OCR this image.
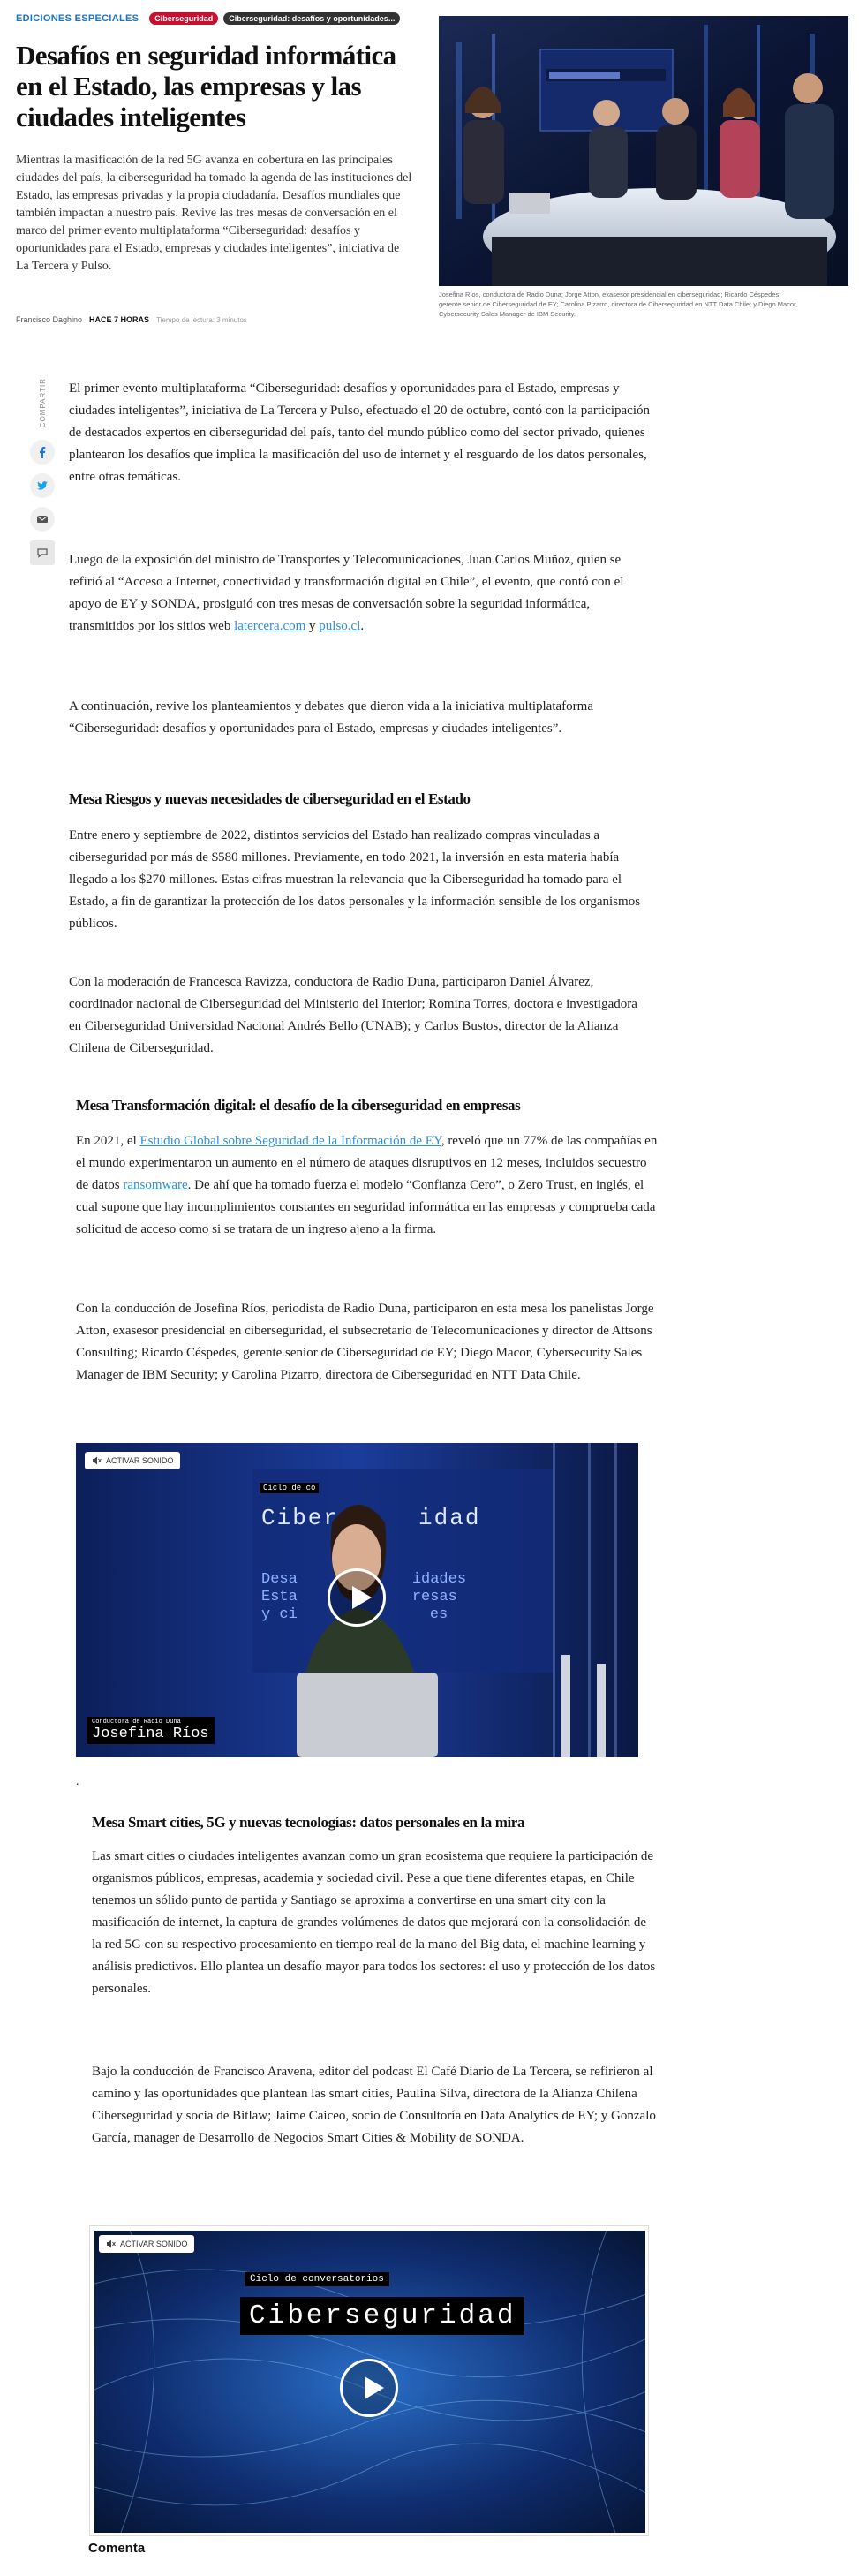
EDICIONES ESPECIALES	Ciberseguridad	Ciberseguridad: desafíos y oportunidades...
Desafíos en seguridad informática en el Estado, las empresas y las ciudades inteligentes

Mientras la masificación de la red 5G avanza en cobertura en las principales ciudades del país, la ciberseguridad ha tomado la agenda de las instituciones del Estado, las empresas privadas y la propia ciudadanía. Desafíos mundiales que también impactan a nuestro país. Revive las tres mesas de conversación en el marco del primer evento multiplataforma “Ciberseguridad: desafíos y oportunidades para el Estado, empresas y ciudades inteligentes”, iniciativa de La Tercera y Pulso.

Francisco Daghino HACE 7 HORAS Tiempo de lectura: 3 minutos

Josefina Ríos, conductora de Radio Duna; Jorge Atton, exasesor presidencial en ciberseguridad; Ricardo Céspedes, gerente senior de Ciberseguridad de EY; Carolina Pizarro, directora de Ciberseguridad en NTT Data Chile; y Diego Macor, Cybersecurity Sales Manager de IBM Security.

COMPARTIR El primer evento multiplataforma “Ciberseguridad: desafíos y oportunidades para el Estado, empresas y ciudades inteligentes”, iniciativa de La Tercera y Pulso, efectuado el 20 de octubre, contó con la participación de destacados expertos en ciberseguridad del país, tanto del mundo público como del sector privado, quienes plantearon los desafíos que implica la masificación del uso de internet y el resguardo de los datos personales, entre otras temáticas.

Luego de la exposición del ministro de Transportes y Telecomunicaciones, Juan Carlos Muñoz, quien se refirió al “Acceso a Internet, conectividad y transformación digital en Chile”, el evento, que contó con el apoyo de EY y SONDA, prosiguió con tres mesas de conversación sobre la seguridad informática, transmitidos por los sitios web latercera.com y pulso.cl.

A continuación, revive los planteamientos y debates que dieron vida a la iniciativa multiplataforma “Ciberseguridad: desafíos y oportunidades para el Estado, empresas y ciudades inteligentes”.

Mesa Riesgos y nuevas necesidades de ciberseguridad en el Estado

Entre enero y septiembre de 2022, distintos servicios del Estado han realizado compras vinculadas a ciberseguridad por más de $580 millones. Previamente, en todo 2021, la inversión en esta materia había llegado a los $270 millones. Estas cifras muestran la relevancia que la Ciberseguridad ha tomado para el Estado, a fin de garantizar la protección de los datos personales y la información sensible de los organismos públicos.

Con la moderación de Francesca Ravizza, conductora de Radio Duna, participaron Daniel Álvarez, coordinador nacional de Ciberseguridad del Ministerio del Interior; Romina Torres, doctora e investigadora en Ciberseguridad Universidad Nacional Andrés Bello (UNAB); y Carlos Bustos, director de la Alianza Chilena de Ciberseguridad.

Mesa Transformación digital: el desafío de la ciberseguridad en empresas

En 2021, el Estudio Global sobre Seguridad de la Información de EY, reveló que un 77% de las compañías en el mundo experimentaron un aumento en el número de ataques disruptivos en 12 meses, incluidos secuestro de datos ransomware. De ahí que ha tomado fuerza el modelo “Confianza Cero”, o Zero Trust, en inglés, el cual supone que hay incumplimientos constantes en seguridad informática en las empresas y comprueba cada solicitud de acceso como si se tratara de un ingreso ajeno a la firma.

Con la conducción de Josefina Ríos, periodista de Radio Duna, participaron en esta mesa los panelistas Jorge Atton, exasesor presidencial en ciberseguridad, el subsecretario de Telecomunicaciones y director de Attsons Consulting; Ricardo Céspedes, gerente senior de Ciberseguridad de EY; Diego Macor, Cybersecurity Sales Manager de IBM Security; y Carolina Pizarro, directora de Ciberseguridad en NTT Data Chile.

Ciclo de co
Ciber	idad
Desa	idades
Esta	resas
y ci	es
ACTIVAR SONIDO
Conductora de Radio Duna
Josefina Ríos
.
Mesa Smart cities, 5G y nuevas tecnologías: datos personales en la mira

Las smart cities o ciudades inteligentes avanzan como un gran ecosistema que requiere la participación de organismos públicos, empresas, academia y sociedad civil. Pese a que tiene diferentes etapas, en Chile tenemos un sólido punto de partida y Santiago se aproxima a convertirse en una smart city con la masificación de internet, la captura de grandes volúmenes de datos que mejorará con la consolidación de la red 5G con su respectivo procesamiento en tiempo real de la mano del Big data, el machine learning y análisis predictivos. Ello plantea un desafío mayor para todos los sectores: el uso y protección de los datos personales.

Bajo la conducción de Francisco Aravena, editor del podcast El Café Diario de La Tercera, se refirieron al camino y las oportunidades que plantean las smart cities, Paulina Silva, directora de la Alianza Chilena Ciberseguridad y socia de Bitlaw; Jaime Caiceo, socio de Consultoría en Data Analytics de EY; y Gonzalo García, manager de Desarrollo de Negocios Smart Cities & Mobility de SONDA.

ACTIVAR SONIDO
Ciclo de conversatorios
Ciberseguridad
Comenta
